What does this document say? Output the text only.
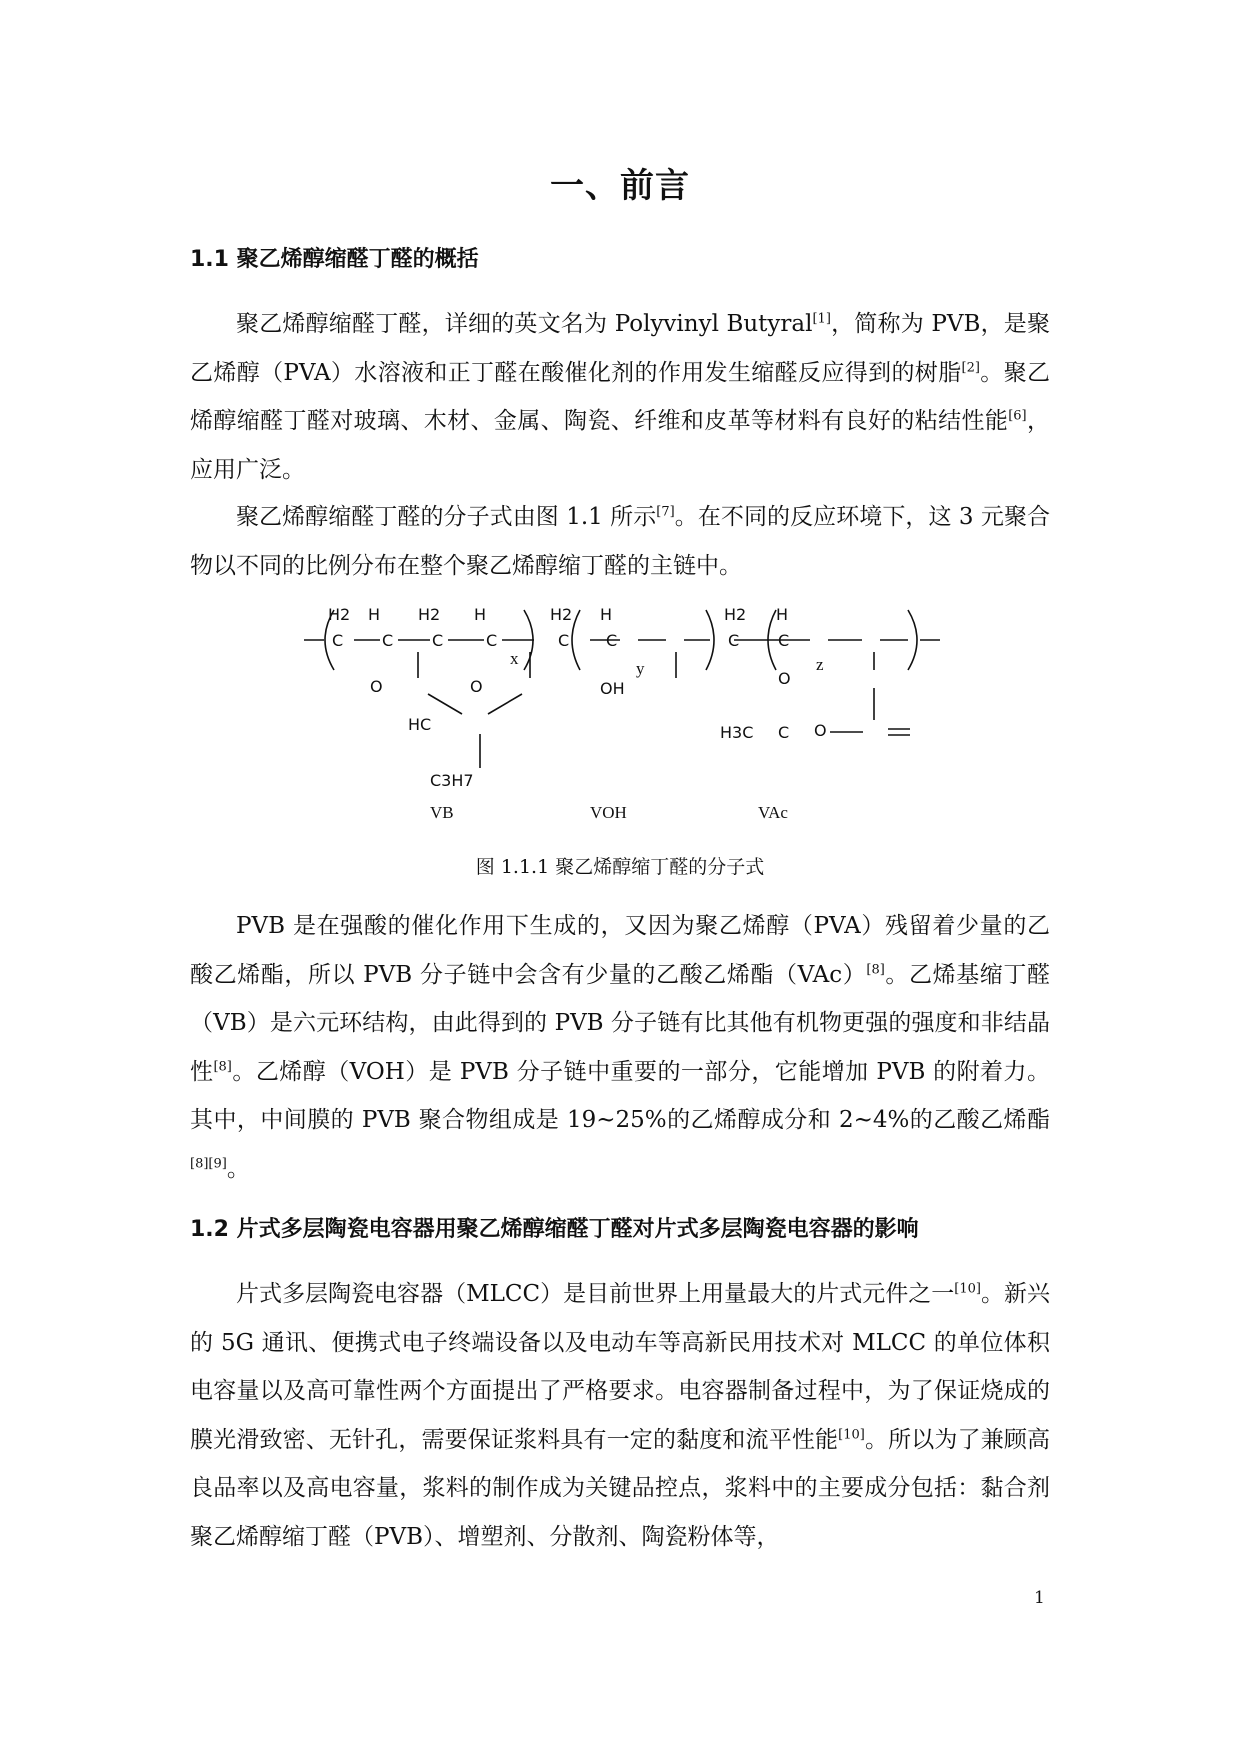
一、前言
1.1 聚乙烯醇缩醛丁醛的概括

聚乙烯醇缩醛丁醛，详细的英文名为 Polyvinyl Butyral[1]，简称为 PVB，是聚乙烯醇（PVA）水溶液和正丁醛在酸催化剂的作用发生缩醛反应得到的树脂[2]。聚乙烯醇缩醛丁醛对玻璃、木材、金属、陶瓷、纤维和皮革等材料有良好的粘结性能[6]，应用广泛。

聚乙烯醇缩醛丁醛的分子式由图 1.1 所示[7]。在不同的反应环境下，这 3 元聚合物以不同的比例分布在整个聚乙烯醇缩丁醛的主链中。

H2
C
H
C
H2
C
H
C
O	O
HC
C3H7
H2
C
H
C
OH
H2
C
H
C
O
H3C C O
x
y	z
VB	VOH	VAc
图 1.1.1 聚乙烯醇缩丁醛的分子式

PVB 是在强酸的催化作用下生成的，又因为聚乙烯醇（PVA）残留着少量的乙酸乙烯酯，所以 PVB 分子链中会含有少量的乙酸乙烯酯（VAc）[8]。乙烯基缩丁醛（VB）是六元环结构，由此得到的 PVB 分子链有比其他有机物更强的强度和非结晶性[8]。乙烯醇（VOH）是 PVB 分子链中重要的一部分，它能增加 PVB 的附着力。其中，中间膜的 PVB 聚合物组成是 19~25%的乙烯醇成分和 2~4%的乙酸乙烯酯[8][9]。

1.2 片式多层陶瓷电容器用聚乙烯醇缩醛丁醛对片式多层陶瓷电容器的影响

片式多层陶瓷电容器（MLCC）是目前世界上用量最大的片式元件之一[10]。新兴的 5G 通讯、便携式电子终端设备以及电动车等高新民用技术对 MLCC 的单位体积电容量以及高可靠性两个方面提出了严格要求。电容器制备过程中，为了保证烧成的膜光滑致密、无针孔，需要保证浆料具有一定的黏度和流平性能[10]。所以为了兼顾高良品率以及高电容量，浆料的制作成为关键品控点，浆料中的主要成分包括：黏合剂聚乙烯醇缩丁醛（PVB）、增塑剂、分散剂、陶瓷粉体等，

1
